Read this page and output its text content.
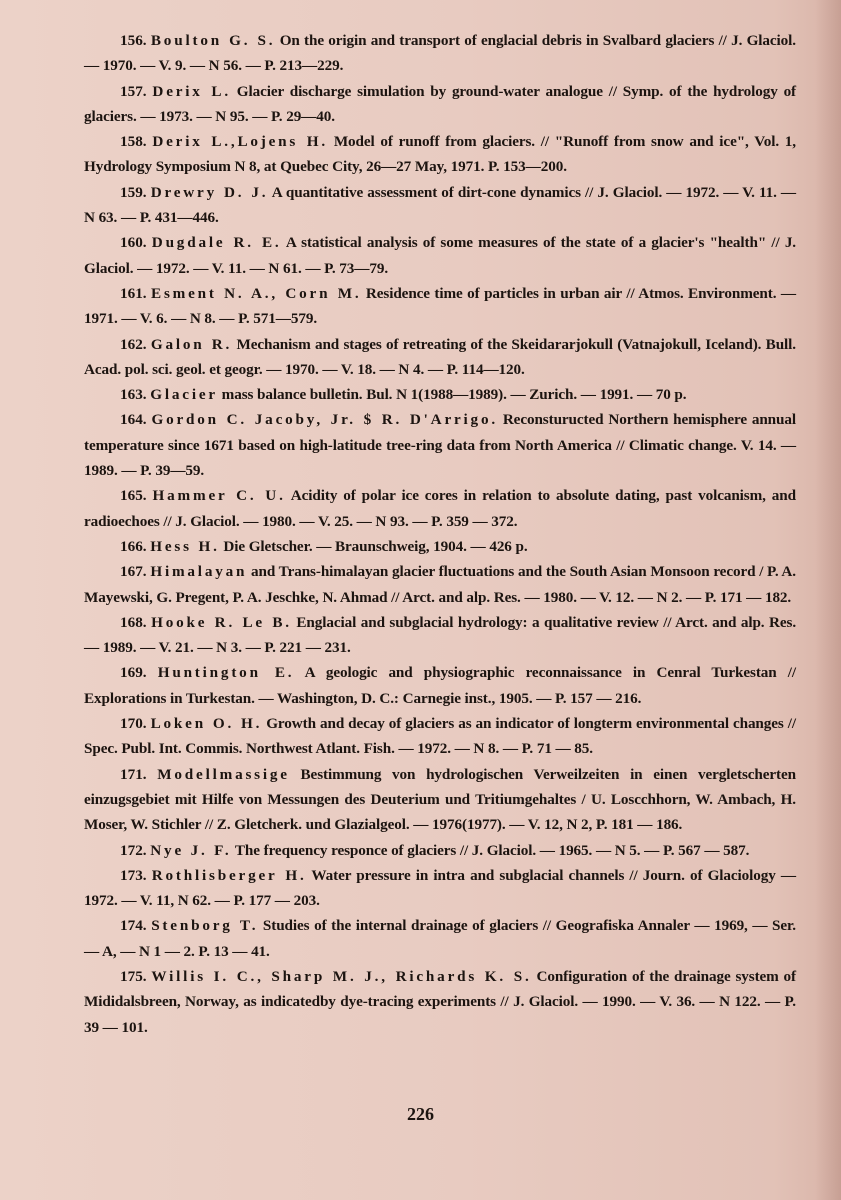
156. Boulton G. S. On the origin and transport of englacial debris in Svalbard glaciers // J. Glaciol. — 1970. — V. 9. — N 56. — P. 213—229.

157. Derix L. Glacier discharge simulation by ground-water analogue // Symp. of the hydrology of glaciers. — 1973. — N 95. — P. 29—40.

158. Derix L.,Lojens H. Model of runoff from glaciers. // "Runoff from snow and ice", Vol. 1, Hydrology Symposium N 8, at Quebec City, 26—27 May, 1971. P. 153—200.

159. Drewry D. J. A quantitative assessment of dirt-cone dynamics // J. Glaciol. — 1972. — V. 11. — N 63. — P. 431—446.

160. Dugdale R. E. A statistical analysis of some measures of the state of a glacier's "health" // J. Glaciol. — 1972. — V. 11. — N 61. — P. 73—79.

161. Esment N. A., Corn M. Residence time of particles in urban air // Atmos. Environment. — 1971. — V. 6. — N 8. — P. 571—579.

162. Galon R. Mechanism and stages of retreating of the Skeidararjokull (Vatnajokull, Iceland). Bull. Acad. pol. sci. geol. et geogr. — 1970. — V. 18. — N 4. — P. 114—120.

163. Glacier mass balance bulletin. Bul. N 1(1988—1989). — Zurich. — 1991. — 70 p.

164. Gordon C. Jacoby, Jr. $ R. D'Arrigo. Reconsturucted Northern hemisphere annual temperature since 1671 based on high-latitude tree-ring data from North America // Climatic change. V. 14. — 1989. — P. 39—59.

165. Hammer C. U. Acidity of polar ice cores in relation to absolute dating, past volcanism, and radioechoes // J. Glaciol. — 1980. — V. 25. — N 93. — P. 359 — 372.

166. Hess H. Die Gletscher. — Braunschweig, 1904. — 426 p.

167. Himalayan and Trans-himalayan glacier fluctuations and the South Asian Monsoon record / P. A. Mayewski, G. Pregent, P. A. Jeschke, N. Ahmad // Arct. and alp. Res. — 1980. — V. 12. — N 2. — P. 171 — 182.

168. Hooke R. Le B. Englacial and subglacial hydrology: a qualitative review // Arct. and alp. Res. — 1989. — V. 21. — N 3. — P. 221 — 231.

169. Huntington E. A geologic and physiographic reconnaissance in Cenral Turkestan // Explorations in Turkestan. — Washington, D. C.: Carnegie inst., 1905. — P. 157 — 216.

170. Loken O. H. Growth and decay of glaciers as an indicator of longterm environmental changes // Spec. Publ. Int. Commis. Northwest Atlant. Fish. — 1972. — N 8. — P. 71 — 85.

171. Modellmassige Bestimmung von hydrologischen Verweilzeiten in einen vergletscherten einzugsgebiet mit Hilfe von Messungen des Deuterium und Tritiumgehaltes / U. Loscchhorn, W. Ambach, H. Moser, W. Stichler // Z. Gletcherk. und Glazialgeol. — 1976(1977). — V. 12, N 2, P. 181 — 186.

172. Nye J. F. The frequency responce of glaciers // J. Glaciol. — 1965. — N 5. — P. 567 — 587.

173. Rothlisberger H. Water pressure in intra and subglacial channels // Journ. of Glaciology — 1972. — V. 11, N 62. — P. 177 — 203.

174. Stenborg T. Studies of the internal drainage of glaciers // Geografiska Annaler — 1969, — Ser. — A, — N 1 — 2. P. 13 — 41.

175. Willis I. C., Sharp M. J., Richards K. S. Configuration of the drainage system of Mididalsbreen, Norway, as indicatedby dye-tracing experiments // J. Glaciol. — 1990. — V. 36. — N 122. — P. 39 — 101.

226
